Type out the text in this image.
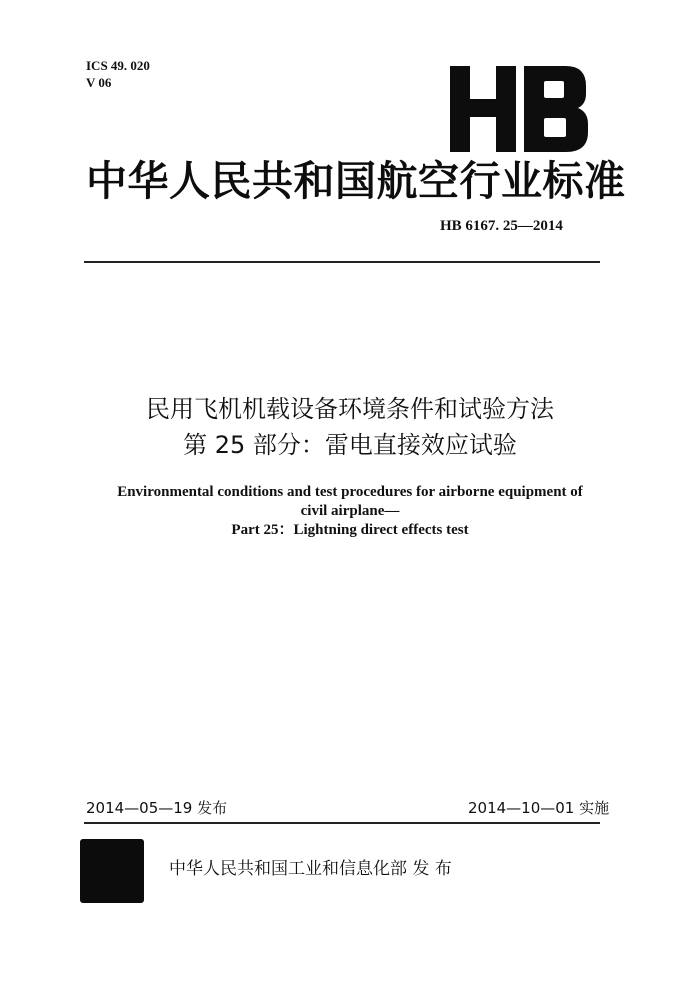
ICS 49. 020
V 06
HB
中华人民共和国航空行业标准
HB 6167. 25—2014
民用飞机机载设备环境条件和试验方法
第 25 部分：雷电直接效应试验
Environmental conditions and test procedures for airborne equipment of
civil airplane—
Part 25：Lightning direct effects test
2014—05—19 发布	2014—10—01 实施
中华人民共和国工业和信息化部 发 布
